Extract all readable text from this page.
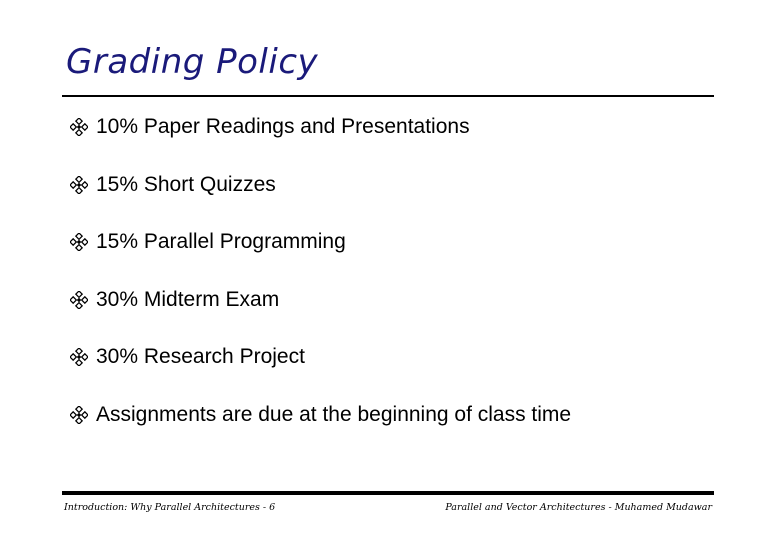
Grading Policy
10% Paper Readings and Presentations
15% Short Quizzes
15% Parallel Programming
30% Midterm Exam
30% Research Project
Assignments are due at the beginning of class time
Introduction: Why Parallel Architectures - 6	Parallel and Vector Architectures - Muhamed Mudawar
